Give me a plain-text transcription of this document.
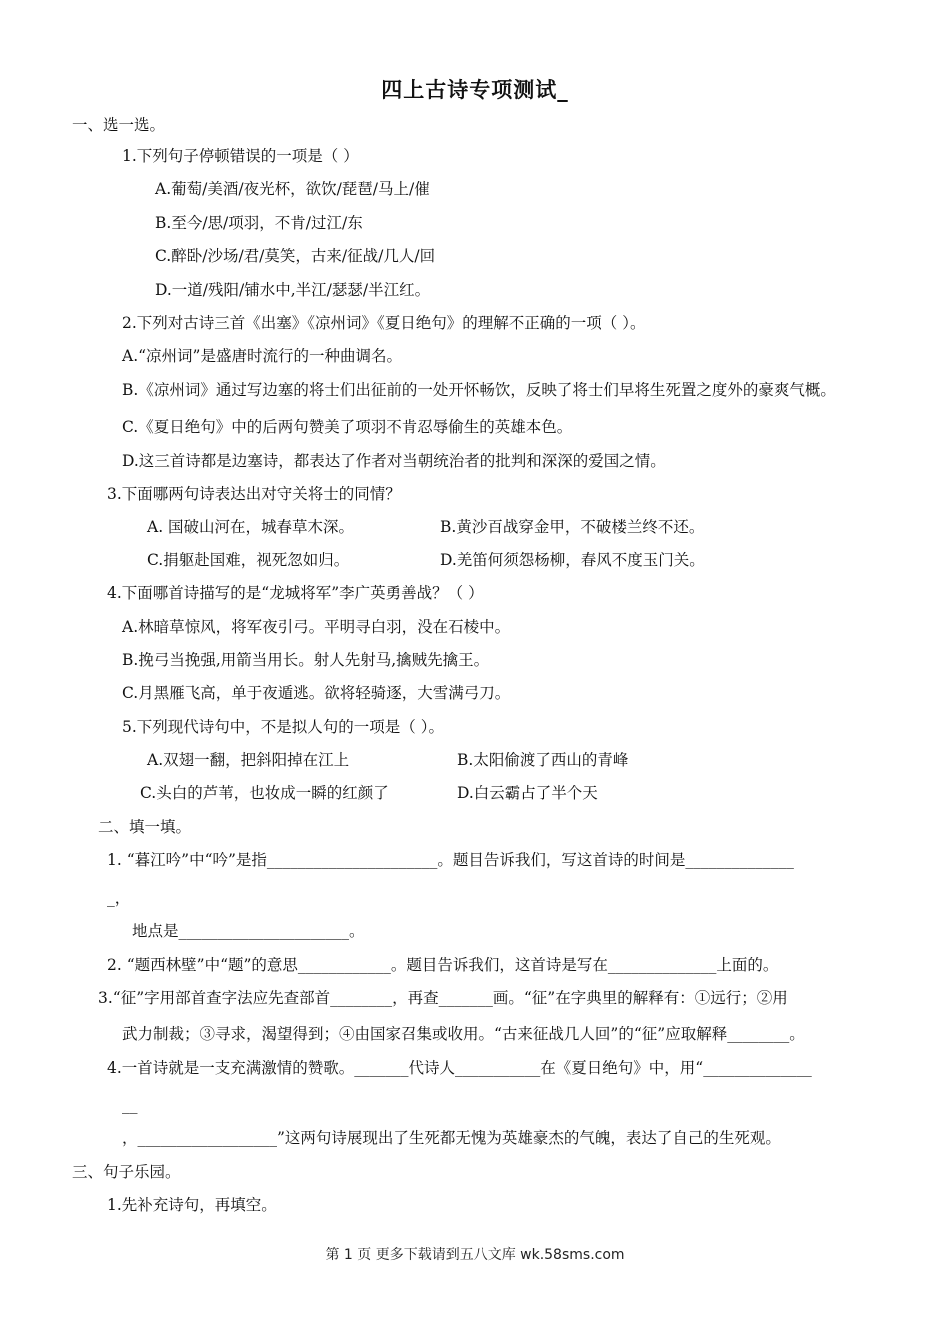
四上古诗专项测试_
一、选一选。
1.下列句子停顿错误的一项是（ ）
A.葡萄/美酒/夜光杯，欲饮/琵琶/马上/催
B.至今/思/项羽，不肯/过江/东
C.醉卧/沙场/君/莫笑，古来/征战/几人/回
D.一道/残阳/铺水中,半江/瑟瑟/半江红。
2.下列对古诗三首《出塞》《凉州词》《夏日绝句》的理解不正确的一项（ ）。
A.“凉州词”是盛唐时流行的一种曲调名。
B.《凉州词》通过写边塞的将士们出征前的一处开怀畅饮，反映了将士们早将生死置之度外的豪爽气概。
C.《夏日绝句》中的后两句赞美了项羽不肯忍辱偷生的英雄本色。
D.这三首诗都是边塞诗，都表达了作者对当朝统治者的批判和深深的爱国之情。
3.下面哪两句诗表达出对守关将士的同情？
A. 国破山河在，城春草木深。	B.黄沙百战穿金甲，不破楼兰终不还。
C.捐躯赴国难，视死忽如归。	D.羌笛何须怨杨柳，春风不度玉门关。
4.下面哪首诗描写的是“龙城将军”李广英勇善战？（ ）
A.林暗草惊风，将军夜引弓。平明寻白羽，没在石棱中。
B.挽弓当挽强,用箭当用长。射人先射马,擒贼先擒王。
C.月黑雁飞高，单于夜遁逃。欲将轻骑逐，大雪满弓刀。
5.下列现代诗句中，不是拟人句的一项是（ ）。
A.双翅一翻，把斜阳掉在江上	B.太阳偷渡了西山的青峰
C.头白的芦苇，也妆成一瞬的红颜了	D.白云霸占了半个天
二、填一填。
1. “暮江吟”中“吟”是指______________________。题目告诉我们，写这首诗的时间是______________
_，
地点是______________________。
2. “题西林壁”中“题”的意思____________。题目告诉我们，这首诗是写在______________上面的。
3.“征”字用部首查字法应先查部首________，再查_______画。“征”在字典里的解释有：①远行；②用
武力制裁；③寻求，渴望得到；④由国家召集或收用。“古来征战几人回”的“征”应取解释________。
4.一首诗就是一支充满激情的赞歌。_______代诗人___________在《夏日绝句》中，用“______________
__
，__________________”这两句诗展现出了生死都无愧为英雄豪杰的气魄，表达了自己的生死观。
三、句子乐园。
1.先补充诗句，再填空。
第 1 页 更多下载请到五八文库 wk.58sms.com
